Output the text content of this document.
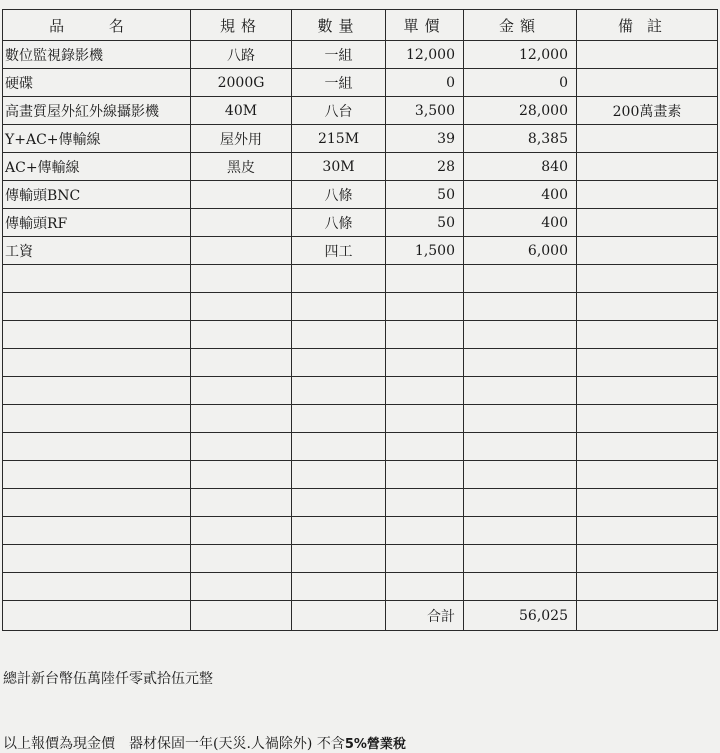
品 名	規格	數量	單價	金額	備註
數位監視錄影機	八路	一組	12,000	12,000	
硬碟	2000G	一組	0	0	
高畫質屋外紅外線攝影機	40M	八台	3,500	28,000	200萬畫素
Y+AC+傳輸線	屋外用	215M	39	8,385	
AC+傳輸線	黑皮	30M	28	840	
傳輸頭BNC		八條	50	400	
傳輸頭RF		八條	50	400	
工資		四工	1,500	6,000	

			合計	56,025	
總計新台幣伍萬陸仟零貳拾伍元整
以上報價為現金價　器材保固一年(天災.人禍除外) 不含5%營業稅
